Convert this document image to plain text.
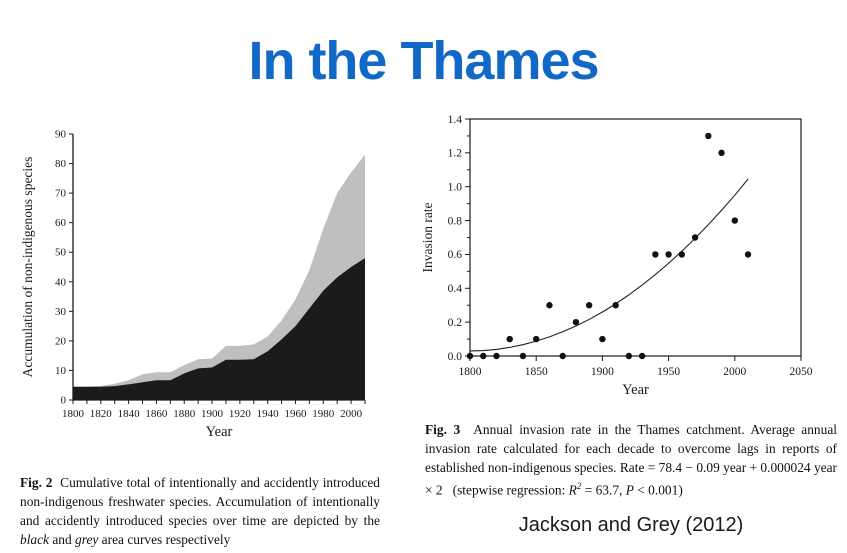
In the Thames
0
10
20
30
40
50
60
70
80
90
1800 1820 1840 1860 1880 1900 1920 1940 1960 1980 2000
Year
Accumulation of non-indigenous species	0.0
0.2
0.4
0.6
0.8
1.0
1.2
1.4
1800	1850	1900	1950	2000	2050
Year
Invasion rate

Fig. 2  Cumulative total of intentionally and accidently introduced non-indigenous freshwater species. Accumulation of intentionally and accidently introduced species over time are depicted by the black and grey area curves respectively

Fig. 3  Annual invasion rate in the Thames catchment. Average annual invasion rate calculated for each decade to overcome lags in reports of established non-indigenous species. Rate = 78.4 − 0.09 year + 0.000024 year × 2   (stepwise regression: $R^2 = 63.7$, P < 0.001)

Jackson and Grey (2012)
